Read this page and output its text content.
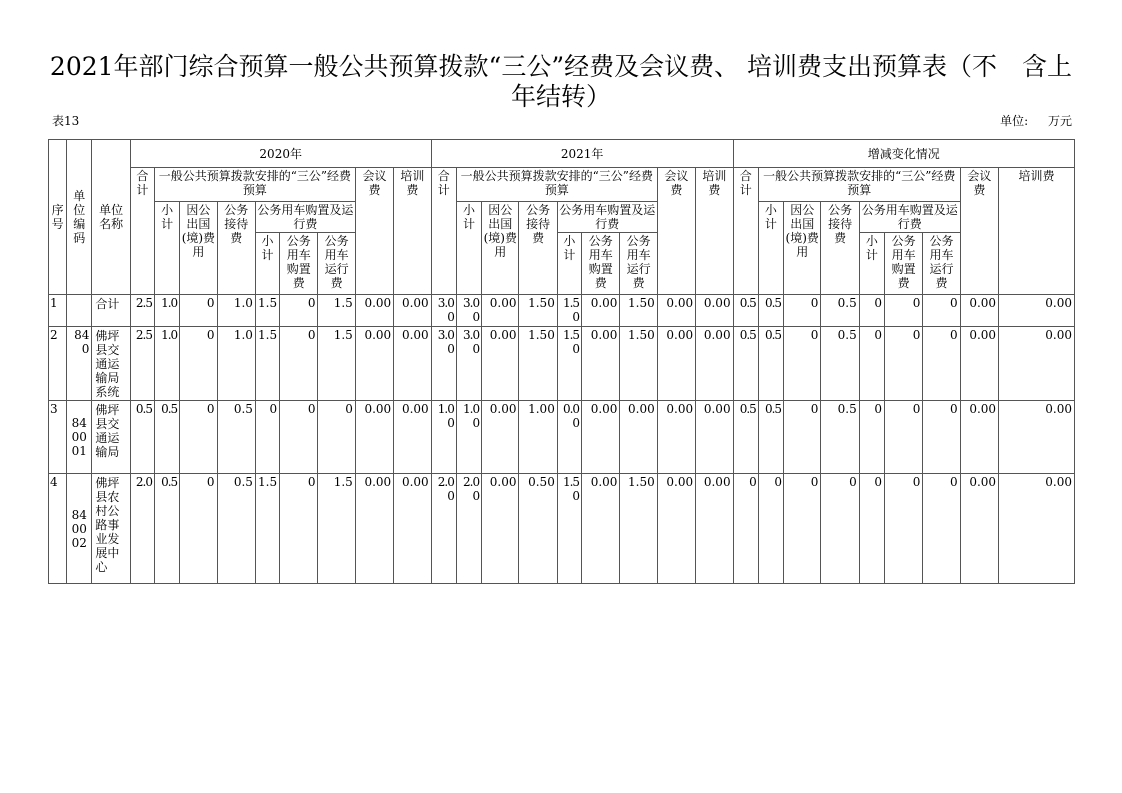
2021年部门综合预算一般公共预算拨款“三公”经费及会议费、 培训费支出预算表（不　含上年结转）
表13	单位: 万元
序号	单位编码	单位名称	2020年									2021年									增减变化情况								
			合计	一般公共预算拨款安排的“三公”经费预算						会议费	培训费	合计	一般公共预算拨款安排的“三公”经费预算						会议费	培训费	合计	一般公共预算拨款安排的“三公”经费预算						会议费	培训费
				小计	因公出国(境)费用	公务接待费	公务用车购置及运行费						小计	因公出国(境)费用	公务接待费	公务用车购置及运行费						小计	因公出国(境)费用	公务接待费	公务用车购置及运行费				
							小计	公务用车购置费	公务用车运行费							小计	公务用车购置费	公务用车运行费							小计	公务用车购置费	公务用车运行费		
1		合计	2.5	1.0	0	1.0	1.5	0	1.5	0.00	0.00	3.00	3.00	0.00	1.50	1.50	0.00	1.50	0.00	0.00	0.5	0.5	0	0.5	0	0	0	0.00	0.00
2	840	佛坪县交通运输局系统	2.5	1.0	0	1.0	1.5	0	1.5	0.00	0.00	3.00	3.00	0.00	1.50	1.50	0.00	1.50	0.00	0.00	0.5	0.5	0	0.5	0	0	0	0.00	0.00
3	840001	佛坪县交通运输局	0.5	0.5	0	0.5	0	0	0	0.00	0.00	1.00	1.00	0.00	1.00	0.00	0.00	0.00	0.00	0.00	0.5	0.5	0	0.5	0	0	0	0.00	0.00
4	840002	佛坪县农村公路事业发展中心	2.0	0.5	0	0.5	1.5	0	1.5	0.00	0.00	2.00	2.00	0.00	0.50	1.50	0.00	1.50	0.00	0.00	0	0	0	0	0	0	0	0.00	0.00
